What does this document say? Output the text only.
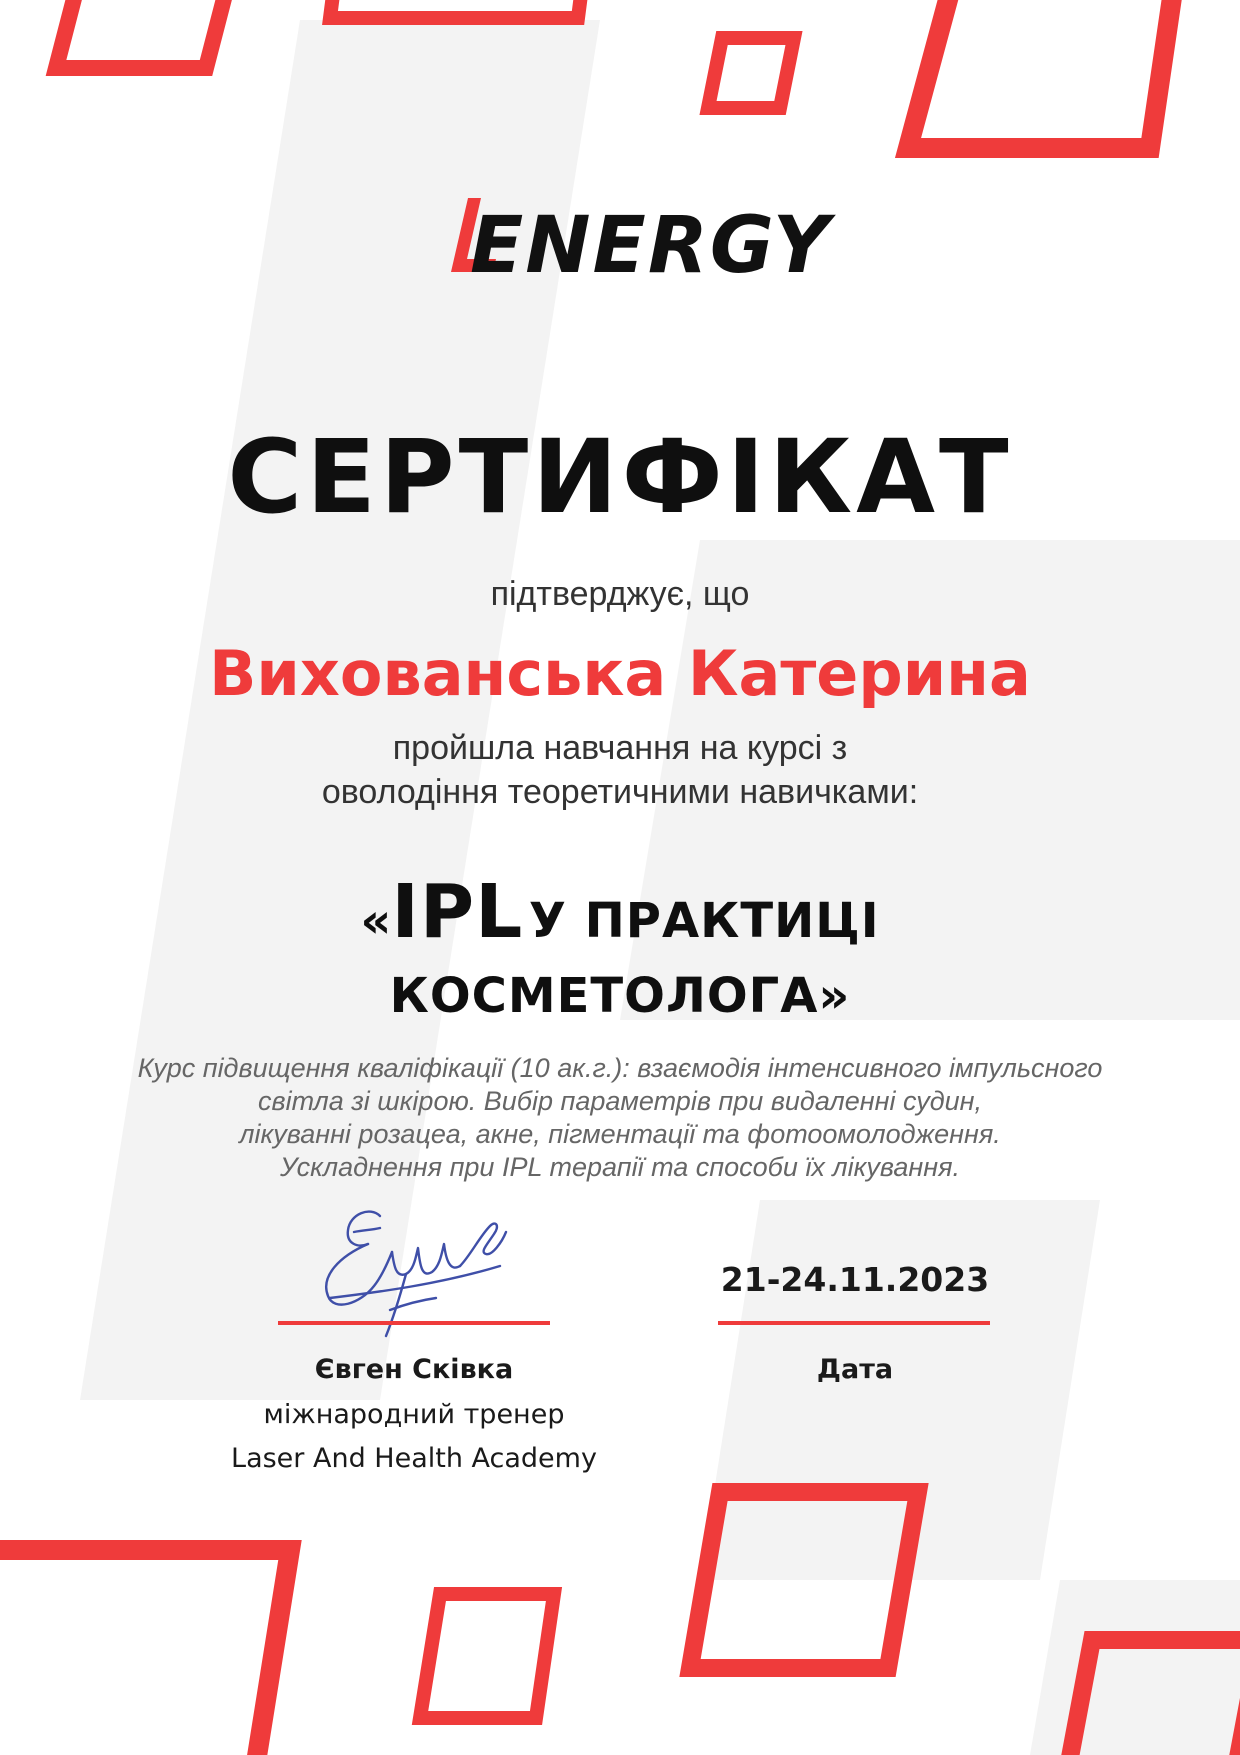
ENERGY
СЕРТИФІКАТ
підтверджує, що
Вихованська Катерина
пройшла навчання на курсі з
оволодіння теоретичними навичками:
«IPL У ПРАКТИЦІ
КОСМЕТОЛОГА»
Курс підвищення кваліфікації (10 ак.г.): взаємодія інтенсивного імпульсного
світла зі шкірою. Вибір параметрів при видаленні судин,
лікуванні розацеа, акне, пігментації та фотоомолодження.
Ускладнення при IPL терапії та способи їх лікування.
21-24.11.2023
Євген Сківка	Дата
міжнародний тренер
Laser And Health Academy
